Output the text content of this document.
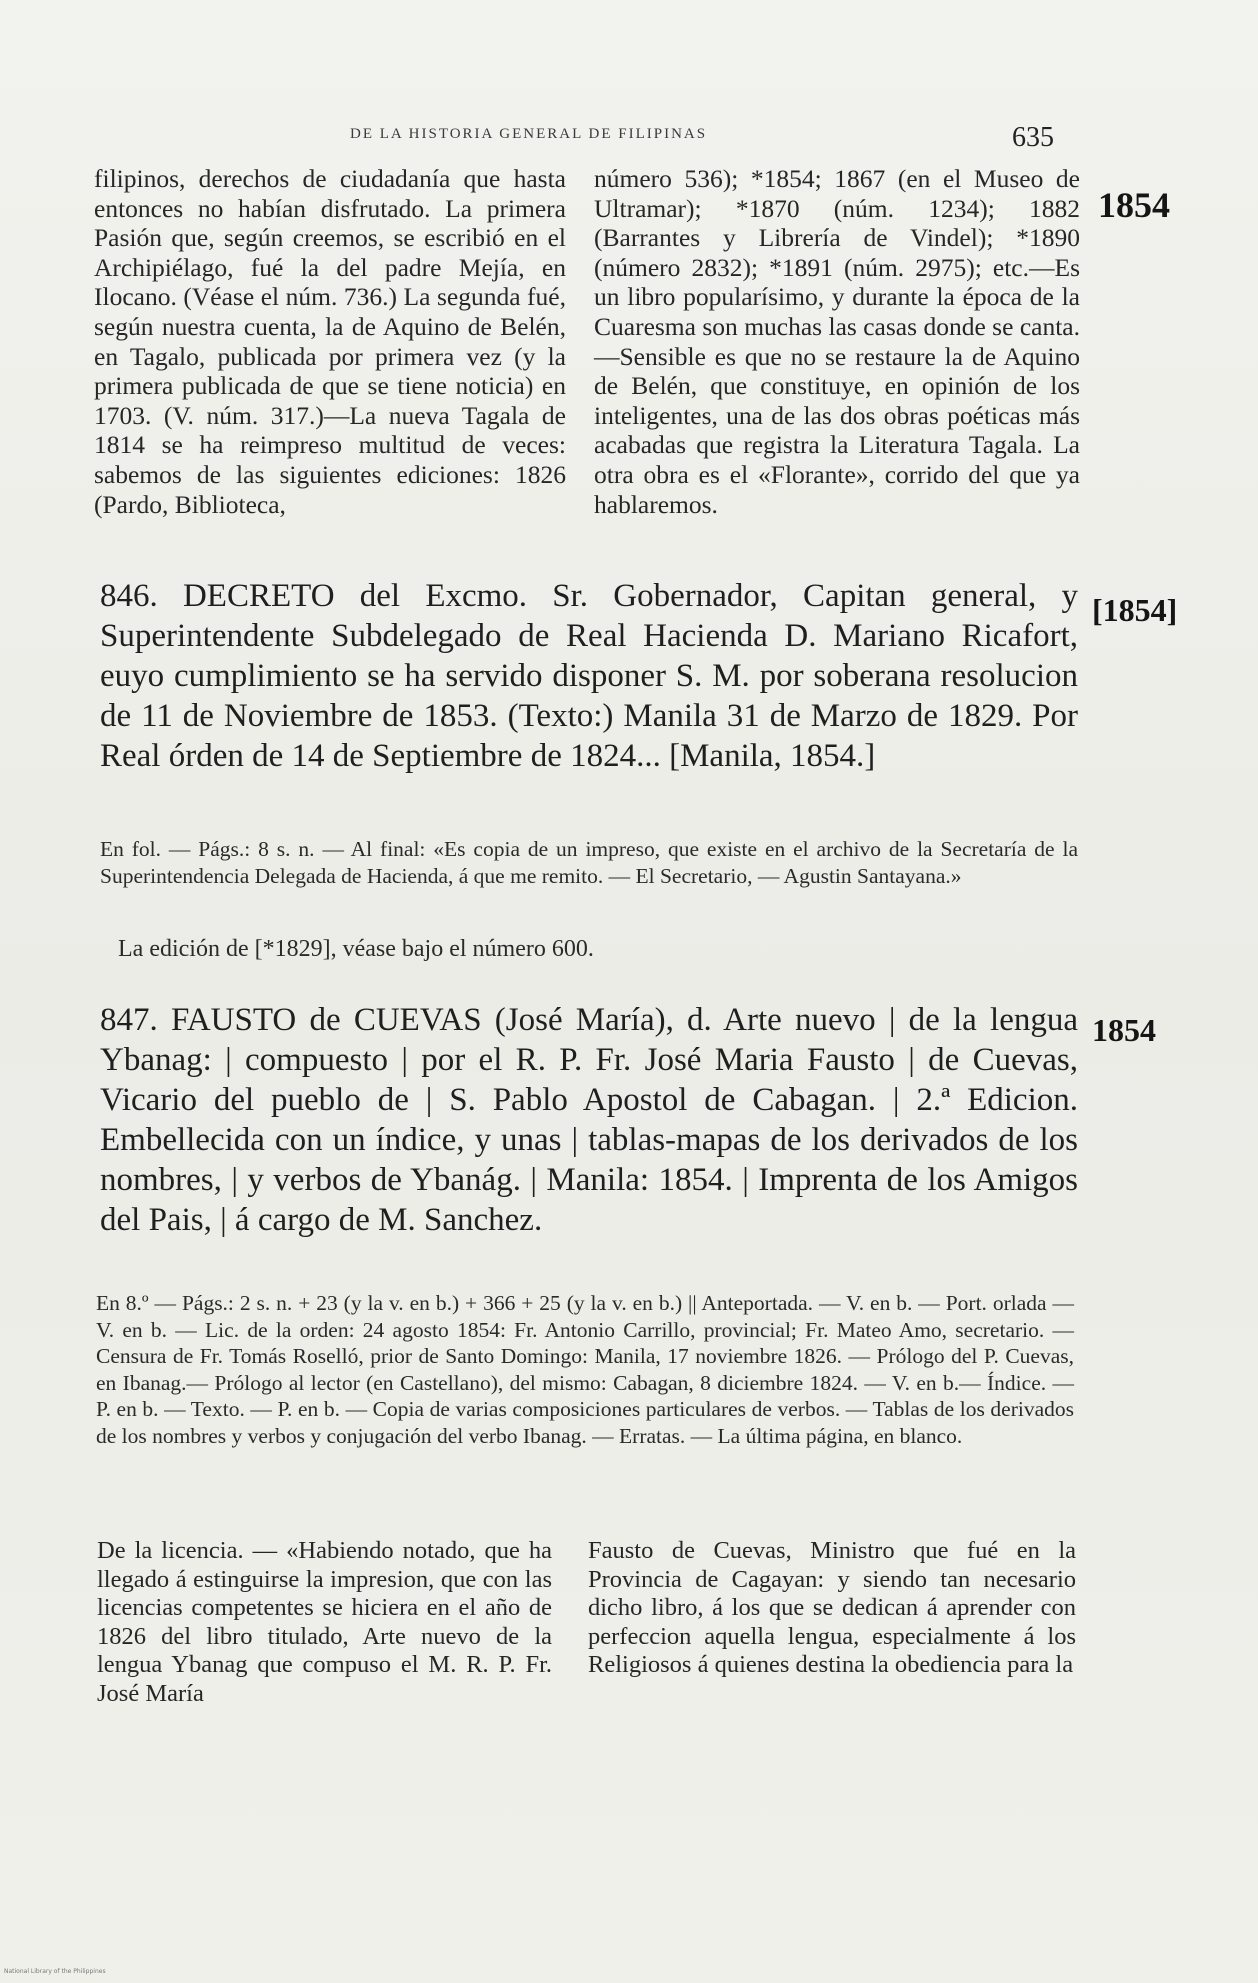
DE LA HISTORIA GENERAL DE FILIPINAS	635
1854

filipinos, derechos de ciudadanía que hasta entonces no habían disfrutado. La primera Pasión que, según creemos, se escribió en el Archipiélago, fué la del padre Mejía, en Ilocano. (Véase el núm. 736.) La segunda fué, según nuestra cuenta, la de Aquino de Belén, en Tagalo, publicada por primera vez (y la primera publicada de que se tiene noticia) en 1703. (V. núm. 317.)—La nueva Tagala de 1814 se ha reimpreso multitud de veces: sabemos de las siguientes ediciones: 1826 (Pardo, Biblioteca,

número 536); *1854; 1867 (en el Museo de Ultramar); *1870 (núm. 1234); 1882 (Barrantes y Librería de Vindel); *1890 (número 2832); *1891 (núm. 2975); etc.—Es un libro popularísimo, y durante la época de la Cuaresma son muchas las casas donde se canta.—Sensible es que no se restaure la de Aquino de Belén, que constituye, en opinión de los inteligentes, una de las dos obras poéticas más acabadas que registra la Literatura Tagala. La otra obra es el «Florante», corrido del que ya hablaremos.

[1854]

846. DECRETO del Excmo. Sr. Gobernador, Capitan general, y Superintendente Subdelegado de Real Hacienda D. Mariano Ricafort, euyo cumplimiento se ha servido disponer S. M. por soberana resolucion de 11 de Noviembre de 1853. (Texto:) Manila 31 de Marzo de 1829. Por Real órden de 14 de Septiembre de 1824... [Manila, 1854.]

En fol. — Págs.: 8 s. n. — Al final: «Es copia de un impreso, que existe en el archivo de la Secretaría de la Superintendencia Delegada de Hacienda, á que me remito. — El Secretario, — Agustin Santayana.»

La edición de [*1829], véase bajo el número 600.

1854

847. FAUSTO de CUEVAS (José María), d. Arte nuevo | de la lengua Ybanag: | compuesto | por el R. P. Fr. José Maria Fausto | de Cuevas, Vicario del pueblo de | S. Pablo Apostol de Cabagan. | 2.ª Edicion. Embellecida con un índice, y unas | tablas-mapas de los derivados de los nombres, | y verbos de Ybanág. | Manila: 1854. | Imprenta de los Amigos del Pais, | á cargo de M. Sanchez.

En 8.º — Págs.: 2 s. n. + 23 (y la v. en b.) + 366 + 25 (y la v. en b.) || Anteportada. — V. en b. — Port. orlada — V. en b. — Lic. de la orden: 24 agosto 1854: Fr. Antonio Carrillo, provincial; Fr. Mateo Amo, secretario. — Censura de Fr. Tomás Roselló, prior de Santo Domingo: Manila, 17 noviembre 1826. — Prólogo del P. Cuevas, en Ibanag.— Prólogo al lector (en Castellano), del mismo: Cabagan, 8 diciembre 1824. — V. en b.— Índice. — P. en b. — Texto. — P. en b. — Copia de varias composiciones particulares de verbos. — Tablas de los derivados de los nombres y verbos y conjugación del verbo Ibanag. — Erratas. — La última página, en blanco.

De la licencia. — «Habiendo notado, que ha llegado á estinguirse la impresion, que con las licencias competentes se hiciera en el año de 1826 del libro titulado, Arte nuevo de la lengua Ybanag que compuso el M. R. P. Fr. José María

Fausto de Cuevas, Ministro que fué en la Provincia de Cagayan: y siendo tan necesario dicho libro, á los que se dedican á aprender con perfeccion aquella lengua, especialmente á los Religiosos á quienes destina la obediencia para la

National Library of the Philippines
